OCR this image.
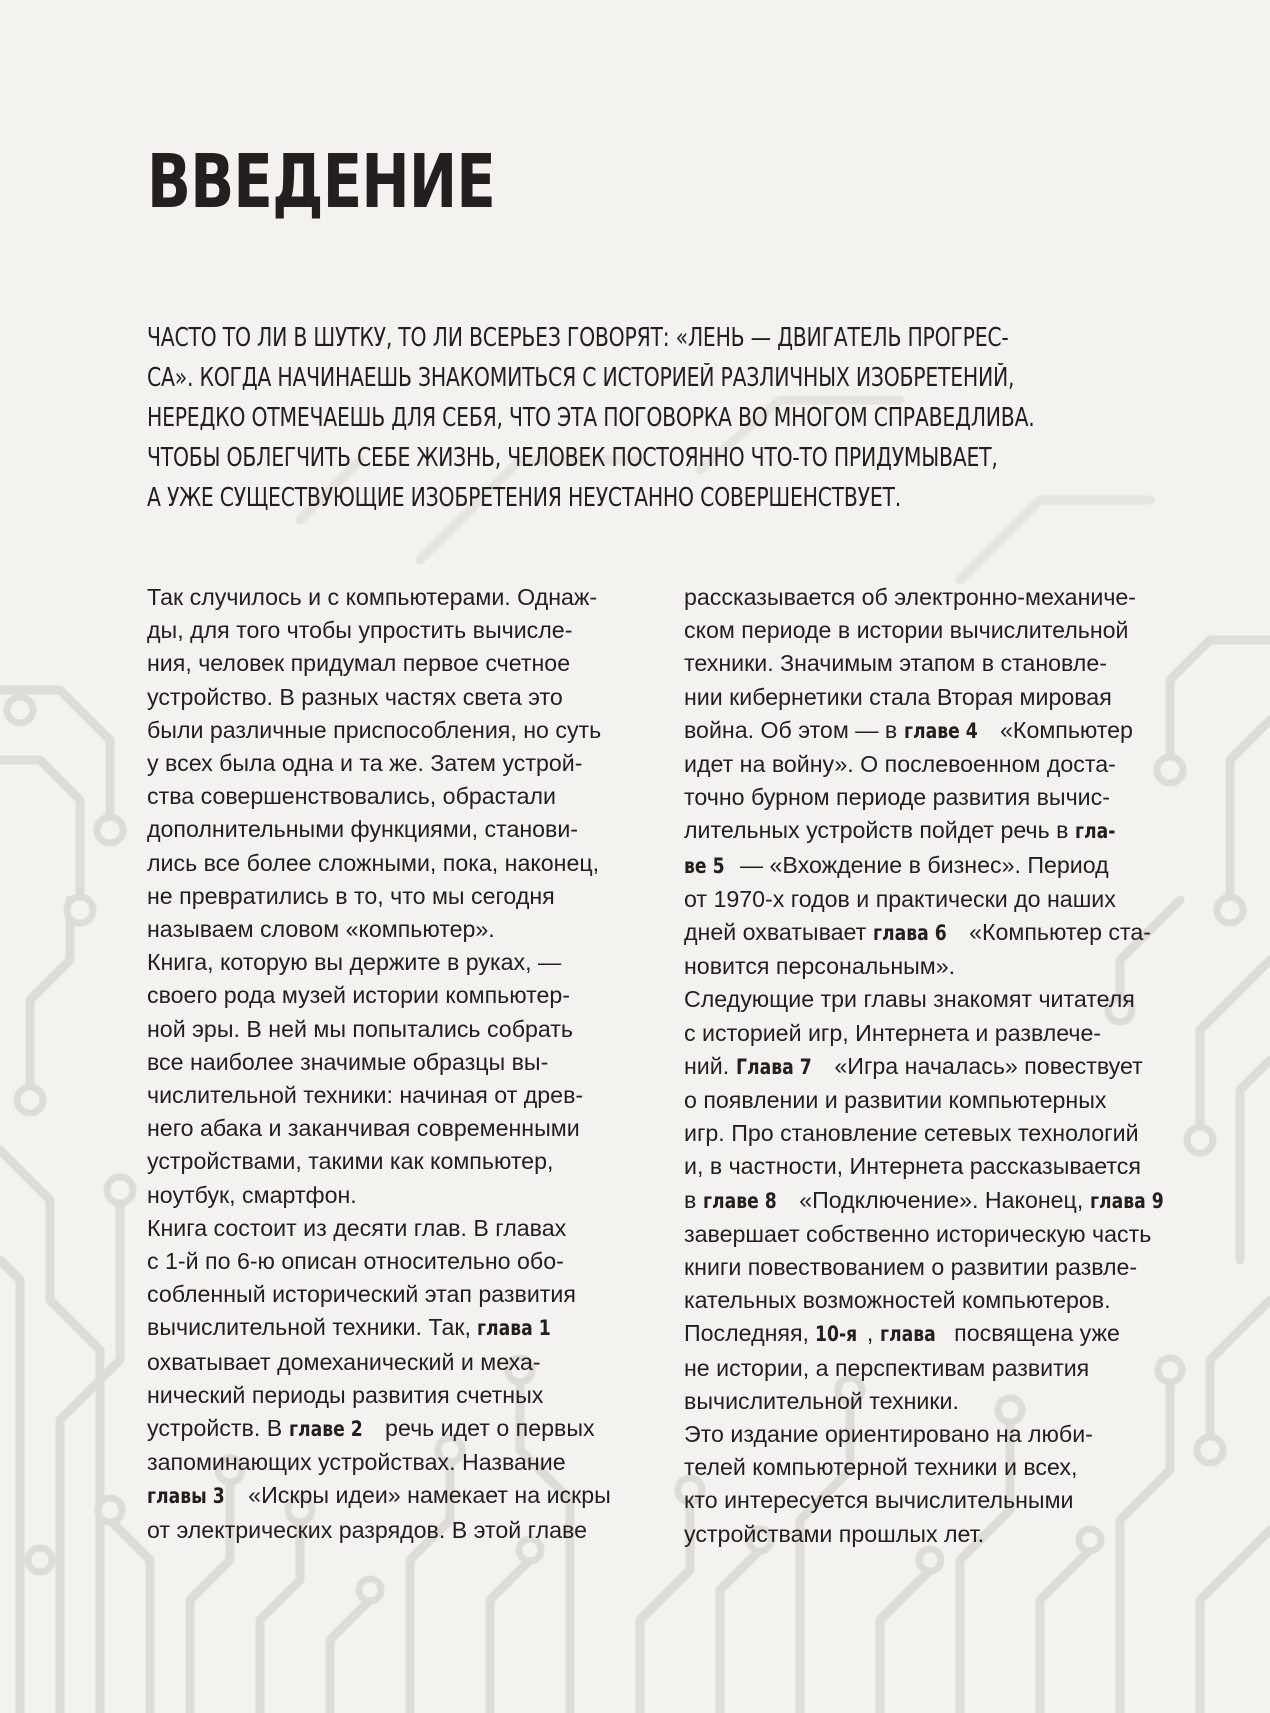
ВВЕДЕНИЕ
ЧАСТО ТО ЛИ В ШУТКУ, ТО ЛИ ВСЕРЬЕЗ ГОВОРЯТ: «ЛЕНЬ — ДВИГАТЕЛЬ ПРОГРЕС-
СА». КОГДА НАЧИНАЕШЬ ЗНАКОМИТЬСЯ С ИСТОРИЕЙ РАЗЛИЧНЫХ ИЗОБРЕТЕНИЙ,
НЕРЕДКО ОТМЕЧАЕШЬ ДЛЯ СЕБЯ, ЧТО ЭТА ПОГОВОРКА ВО МНОГОМ СПРАВЕДЛИВА.
ЧТОБЫ ОБЛЕГЧИТЬ СЕБЕ ЖИЗНЬ, ЧЕЛОВЕК ПОСТОЯННО ЧТО-ТО ПРИДУМЫВАЕТ,
А УЖЕ СУЩЕСТВУЮЩИЕ ИЗОБРЕТЕНИЯ НЕУСТАННО СОВЕРШЕНСТВУЕТ.
Так случилось и с компьютерами. Однаж-
ды, для того чтобы упростить вычисле-
ния, человек придумал первое счетное
устройство. В разных частях света это
были различные приспособления, но суть
у всех была одна и та же. Затем устрой-
ства совершенствовались, обрастали
дополнительными функциями, станови-
лись все более сложными, пока, наконец,
не превратились в то, что мы сегодня
называем словом «компьютер».
Книга, которую вы держите в руках, —
своего рода музей истории компьютер-
ной эры. В ней мы попытались собрать
все наиболее значимые образцы вы-
числительной техники: начиная от древ-
него абака и заканчивая современными
устройствами, такими как компьютер,
ноутбук, смартфон.
Книга состоит из десяти глав. В главах
с 1-й по 6-ю описан относительно обо-
собленный исторический этап развития
вычислительной техники. Так, глава 1
охватывает домеханический и меха-
нический периоды развития счетных
устройств. В главе 2 речь идет о первых
запоминающих устройствах. Название
главы 3 «Искры идеи» намекает на искры
от электрических разрядов. В этой главе
рассказывается об электронно-механиче-
ском периоде в истории вычислительной
техники. Значимым этапом в становле-
нии кибернетики стала Вторая мировая
война. Об этом — в главе 4 «Компьютер
идет на войну». О послевоенном доста-
точно бурном периоде развития вычис-
лительных устройств пойдет речь в гла-
ве 5 — «Вхождение в бизнес». Период
от 1970-х годов и практически до наших
дней охватывает глава 6 «Компьютер ста-
новится персональным».
Следующие три главы знакомят читателя
с историей игр, Интернета и развлече-
ний. Глава 7 «Игра началась» повествует
о появлении и развитии компьютерных
игр. Про становление сетевых технологий
и, в частности, Интернета рассказывается
в главе 8 «Подключение». Наконец, глава 9
завершает собственно историческую часть
книги повествованием о развитии развле-
кательных возможностей компьютеров.
Последняя, 10-я , глава посвящена уже
не истории, а перспективам развития
вычислительной техники.
Это издание ориентировано на люби-
телей компьютерной техники и всех,
кто интересуется вычислительными
устройствами прошлых лет.
